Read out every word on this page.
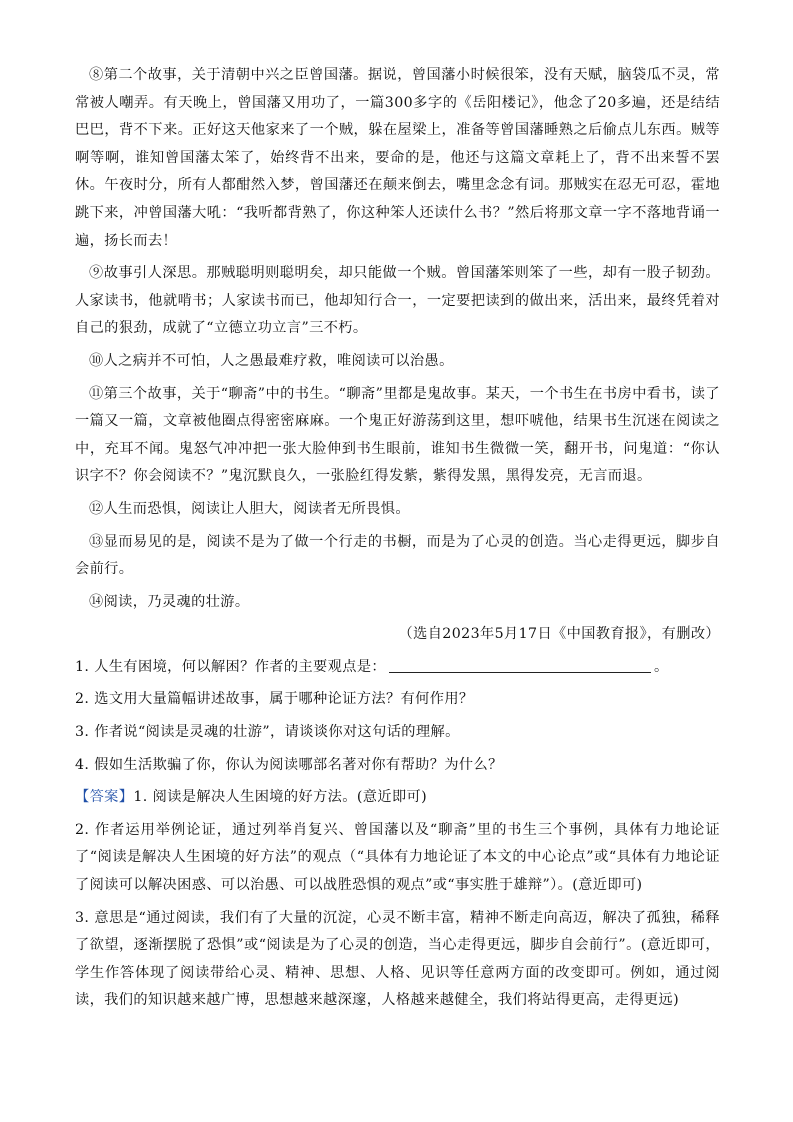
⑧第二个故事，关于清朝中兴之臣曾国藩。据说，曾国藩小时候很笨，没有天赋，脑袋瓜不灵，常常被人嘲弄。有天晚上，曾国藩又用功了，一篇300多字的《岳阳楼记》，他念了20多遍，还是结结巴巴，背不下来。正好这天他家来了一个贼，躲在屋梁上，准备等曾国藩睡熟之后偷点儿东西。贼等啊等啊，谁知曾国藩太笨了，始终背不出来，要命的是，他还与这篇文章耗上了，背不出来誓不罢休。午夜时分，所有人都酣然入梦，曾国藩还在颠来倒去，嘴里念念有词。那贼实在忍无可忍，霍地跳下来，冲曾国藩大吼：“我听都背熟了，你这种笨人还读什么书？”然后将那文章一字不落地背诵一遍，扬长而去！

⑨故事引人深思。那贼聪明则聪明矣，却只能做一个贼。曾国藩笨则笨了一些，却有一股子韧劲。人家读书，他就啃书；人家读书而已，他却知行合一，一定要把读到的做出来，活出来，最终凭着对自己的狠劲，成就了“立德立功立言”三不朽。

⑩人之病并不可怕，人之愚最难疗救，唯阅读可以治愚。

⑪第三个故事，关于“聊斋”中的书生。“聊斋”里都是鬼故事。某天，一个书生在书房中看书，读了一篇又一篇，文章被他圈点得密密麻麻。一个鬼正好游荡到这里，想吓唬他，结果书生沉迷在阅读之中，充耳不闻。鬼怒气冲冲把一张大脸伸到书生眼前，谁知书生微微一笑，翻开书，问鬼道：“你认识字不？你会阅读不？”鬼沉默良久，一张脸红得发紫，紫得发黑，黑得发亮，无言而退。

⑫人生而恐惧，阅读让人胆大，阅读者无所畏惧。

⑬显而易见的是，阅读不是为了做一个行走的书橱，而是为了心灵的创造。当心走得更远，脚步自会前行。

⑭阅读，乃灵魂的壮游。

（选自2023年5月17日《中国教育报》，有删改）

1. 人生有困境，何以解困？作者的主要观点是：	。

2. 选文用大量篇幅讲述故事，属于哪种论证方法？有何作用？

3. 作者说“阅读是灵魂的壮游”，请谈谈你对这句话的理解。

4. 假如生活欺骗了你，你认为阅读哪部名著对你有帮助？为什么？

【答案】1. 阅读是解决人生困境的好方法。(意近即可)

2. 作者运用举例论证，通过列举肖复兴、曾国藩以及“聊斋”里的书生三个事例，具体有力地论证了“阅读是解决人生困境的好方法”的观点（“具体有力地论证了本文的中心论点”或“具体有力地论证了阅读可以解决困惑、可以治愚、可以战胜恐惧的观点”或“事实胜于雄辩”）。(意近即可)

3. 意思是“通过阅读，我们有了大量的沉淀，心灵不断丰富，精神不断走向高迈，解决了孤独，稀释了欲望，逐渐摆脱了恐惧”或“阅读是为了心灵的创造，当心走得更远，脚步自会前行”。(意近即可，学生作答体现了阅读带给心灵、精神、思想、人格、见识等任意两方面的改变即可。例如，通过阅读，我们的知识越来越广博，思想越来越深邃，人格越来越健全，我们将站得更高，走得更远)
